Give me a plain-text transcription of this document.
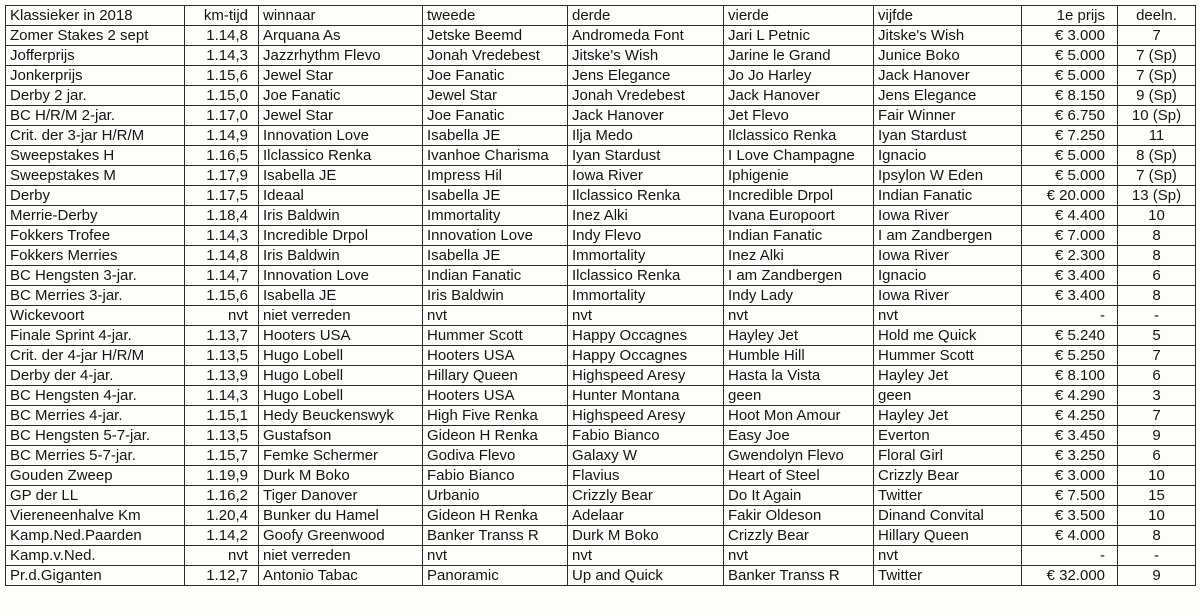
Klassieker in 2018	km-tijd	winnaar	tweede	derde	vierde	vijfde	1e prijs	deeln.
Zomer Stakes 2 sept	1.14,8	Arquana As	Jetske Beemd	Andromeda Font	Jari L Petnic	Jitske's Wish	€ 3.000	7
Jofferprijs	1.14,3	Jazzrhythm Flevo	Jonah Vredebest	Jitske's Wish	Jarine le Grand	Junice Boko	€ 5.000	7 (Sp)
Jonkerprijs	1.15,6	Jewel Star	Joe Fanatic	Jens Elegance	Jo Jo Harley	Jack Hanover	€ 5.000	7 (Sp)
Derby 2 jar.	1.15,0	Joe Fanatic	Jewel Star	Jonah Vredebest	Jack Hanover	Jens Elegance	€ 8.150	9 (Sp)
BC H/R/M 2-jar.	1.17,0	Jewel Star	Joe Fanatic	Jack Hanover	Jet Flevo	Fair Winner	€ 6.750	10 (Sp)
Crit. der 3-jar H/R/M	1.14,9	Innovation Love	Isabella JE	Ilja Medo	Ilclassico Renka	Iyan Stardust	€ 7.250	11
Sweepstakes H	1.16,5	Ilclassico Renka	Ivanhoe Charisma	Iyan Stardust	I Love Champagne	Ignacio	€ 5.000	8 (Sp)
Sweepstakes M	1.17,9	Isabella JE	Impress Hil	Iowa River	Iphigenie	Ipsylon W Eden	€ 5.000	7 (Sp)
Derby	1.17,5	Ideaal	Isabella JE	Ilclassico Renka	Incredible Drpol	Indian Fanatic	€ 20.000	13 (Sp)
Merrie-Derby	1.18,4	Iris Baldwin	Immortality	Inez Alki	Ivana Europoort	Iowa River	€ 4.400	10
Fokkers Trofee	1.14,3	Incredible Drpol	Innovation Love	Indy Flevo	Indian Fanatic	I am Zandbergen	€ 7.000	8
Fokkers Merries	1.14,8	Iris Baldwin	Isabella JE	Immortality	Inez Alki	Iowa River	€ 2.300	8
BC Hengsten 3-jar.	1.14,7	Innovation Love	Indian Fanatic	Ilclassico Renka	I am Zandbergen	Ignacio	€ 3.400	6
BC Merries 3-jar.	1.15,6	Isabella JE	Iris Baldwin	Immortality	Indy Lady	Iowa River	€ 3.400	8
Wickevoort	nvt	niet verreden	nvt	nvt	nvt	nvt	-	-
Finale Sprint 4-jar.	1.13,7	Hooters USA	Hummer Scott	Happy Occagnes	Hayley Jet	Hold me Quick	€ 5.240	5
Crit. der 4-jar H/R/M	1.13,5	Hugo Lobell	Hooters USA	Happy Occagnes	Humble Hill	Hummer Scott	€ 5.250	7
Derby der 4-jar.	1.13,9	Hugo Lobell	Hillary Queen	Highspeed Aresy	Hasta la Vista	Hayley Jet	€ 8.100	6
BC Hengsten 4-jar.	1.14,3	Hugo Lobell	Hooters USA	Hunter Montana	geen	geen	€ 4.290	3
BC Merries 4-jar.	1.15,1	Hedy Beuckenswyk	High Five Renka	Highspeed Aresy	Hoot Mon Amour	Hayley Jet	€ 4.250	7
BC Hengsten 5-7-jar.	1.13,5	Gustafson	Gideon H Renka	Fabio Bianco	Easy Joe	Everton	€ 3.450	9
BC Merries 5-7-jar.	1.15,7	Femke Schermer	Godiva Flevo	Galaxy W	Gwendolyn Flevo	Floral Girl	€ 3.250	6
Gouden Zweep	1.19,9	Durk M Boko	Fabio Bianco	Flavius	Heart of Steel	Crizzly Bear	€ 3.000	10
GP der LL	1.16,2	Tiger Danover	Urbanio	Crizzly Bear	Do It Again	Twitter	€ 7.500	15
Viereneenhalve Km	1.20,4	Bunker du Hamel	Gideon H Renka	Adelaar	Fakir Oldeson	Dinand Convital	€ 3.500	10
Kamp.Ned.Paarden	1.14,2	Goofy Greenwood	Banker Transs R	Durk M Boko	Crizzly Bear	Hillary Queen	€ 4.000	8
Kamp.v.Ned.	nvt	niet verreden	nvt	nvt	nvt	nvt	-	-
Pr.d.Giganten	1.12,7	Antonio Tabac	Panoramic	Up and Quick	Banker Transs R	Twitter	€ 32.000	9
